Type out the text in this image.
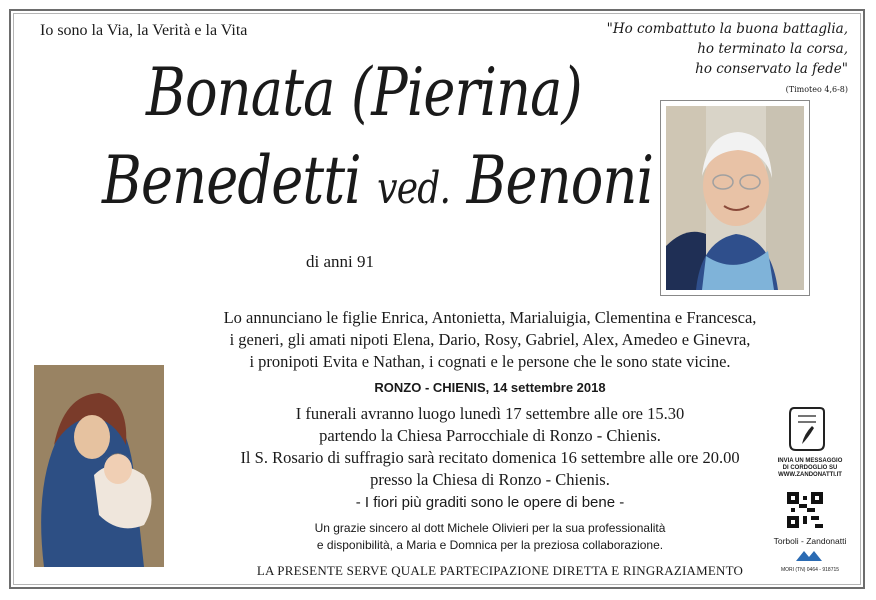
Io sono la Via, la Verità e la Vita	"Ho combattuto la buona battaglia,
ho terminato la corsa,
ho conservato la fede"
(Timoteo 4,6-8)
Bonata (Pierina)
Benedetti ved. Benoni
di anni 91
Lo annunciano le figlie Enrica, Antonietta, Marialuigia, Clementina e Francesca,
i generi, gli amati nipoti Elena, Dario, Rosy, Gabriel, Alex, Amedeo e Ginevra,
i pronipoti Evita e Nathan, i cognati e le persone che le sono state vicine.
RONZO - CHIENIS, 14 settembre 2018
I funerali avranno luogo lunedì 17 settembre alle ore 15.30
partendo la Chiesa Parrocchiale di Ronzo - Chienis.
Il S. Rosario di suffragio sarà recitato domenica 16 settembre alle ore 20.00
presso la Chiesa di Ronzo - Chienis.
- I fiori più graditi sono le opere di bene -
Un grazie sincero al dott Michele Olivieri per la sua professionalità
e disponibilità, a Maria e Domnica per la preziosa collaborazione.
LA PRESENTE SERVE QUALE PARTECIPAZIONE DIRETTA E RINGRAZIAMENTO
INVIA UN MESSAGGIO
DI CORDOGLIO SU
WWW.ZANDONATTI.IT
Torboli - Zandonatti
MORI (TN) 0464 - 918715
